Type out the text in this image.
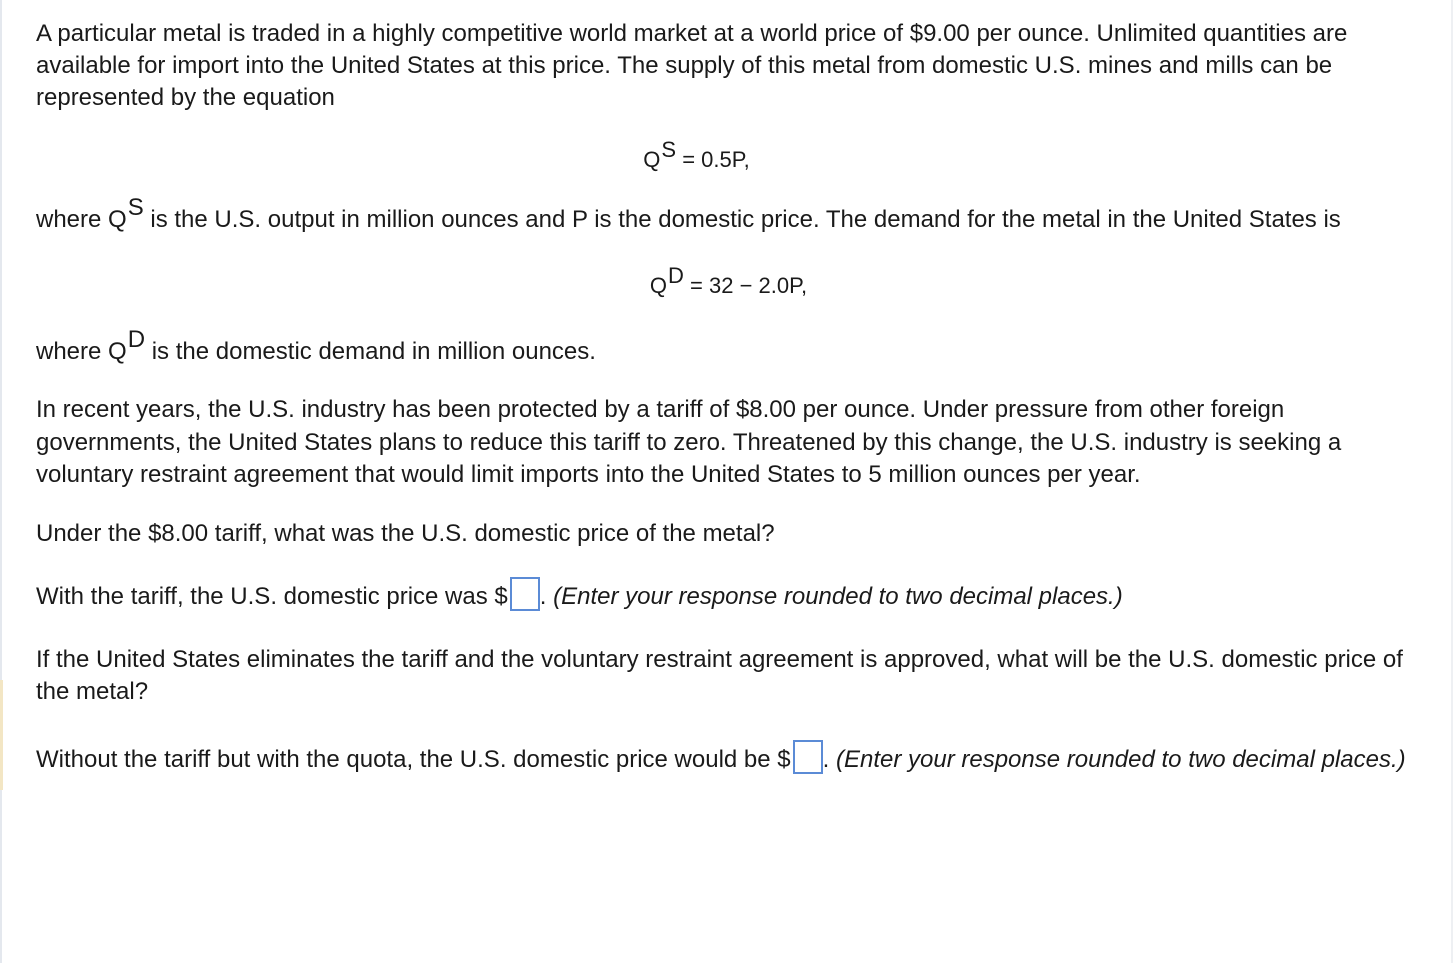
A particular metal is traded in a highly competitive world market at a world price of $9.00 per ounce. Unlimited quantities are available for import into the United States at this price. The supply of this metal from domestic U.S. mines and mills can be represented by the equation

$Q^S = 0.5P$,

where QS is the U.S. output in million ounces and P is the domestic price. The demand for the metal in the United States is

$Q^D = 32 - 2.0P$,

where QD is the domestic demand in million ounces.

In recent years, the U.S. industry has been protected by a tariff of $8.00 per ounce. Under pressure from other foreign governments, the United States plans to reduce this tariff to zero. Threatened by this change, the U.S. industry is seeking a voluntary restraint agreement that would limit imports into the United States to 5 million ounces per year.

Under the $8.00 tariff, what was the U.S. domestic price of the metal?

With the tariff, the U.S. domestic price was $ . (Enter your response rounded to two decimal places.)

If the United States eliminates the tariff and the voluntary restraint agreement is approved, what will be the U.S. domestic price of the metal?

Without the tariff but with the quota, the U.S. domestic price would be $ . (Enter your response rounded to two decimal places.)
